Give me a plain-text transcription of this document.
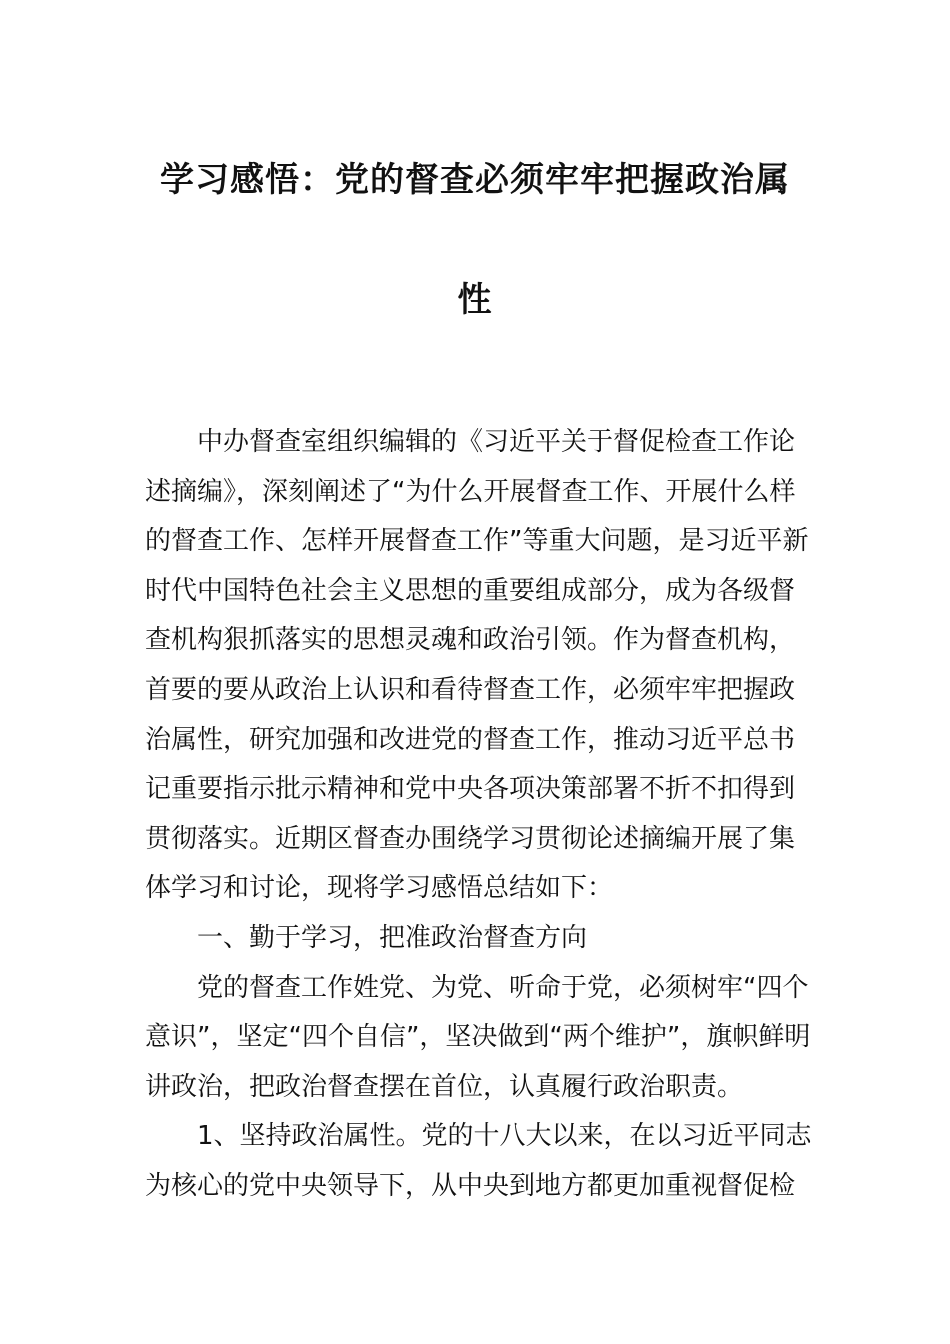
学习感悟：党的督查必须牢牢把握政治属
性
中办督查室组织编辑的《习近平关于督促检查工作论
述摘编》，深刻阐述了“为什么开展督查工作、开展什么样
的督查工作、怎样开展督查工作”等重大问题，是习近平新
时代中国特色社会主义思想的重要组成部分，成为各级督
查机构狠抓落实的思想灵魂和政治引领。作为督查机构，
首要的要从政治上认识和看待督查工作，必须牢牢把握政
治属性，研究加强和改进党的督查工作，推动习近平总书
记重要指示批示精神和党中央各项决策部署不折不扣得到
贯彻落实。近期区督查办围绕学习贯彻论述摘编开展了集
体学习和讨论，现将学习感悟总结如下：
一、勤于学习，把准政治督查方向
党的督查工作姓党、为党、听命于党，必须树牢“四个
意识”，坚定“四个自信”，坚决做到“两个维护”，旗帜鲜明
讲政治，把政治督查摆在首位，认真履行政治职责。
1、坚持政治属性。党的十八大以来，在以习近平同志
为核心的党中央领导下，从中央到地方都更加重视督促检
